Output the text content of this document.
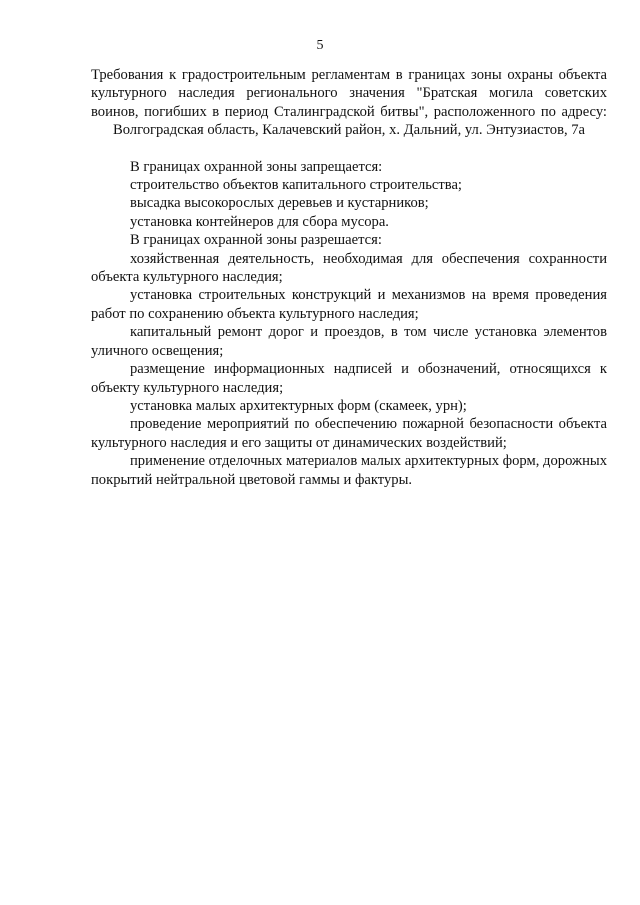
5
Требования к градостроительным регламентам в границах зоны охраны объекта культурного наследия регионального значения "Братская могила советских воинов, погибших в период Сталинградской битвы", расположенного по адресу: Волгоградская область, Калачевский район, х. Дальний, ул. Энтузиастов, 7а

В границах охранной зоны запрещается:

строительство объектов капитального строительства;

высадка высокорослых деревьев и кустарников;

установка контейнеров для сбора мусора.

В границах охранной зоны разрешается:

хозяйственная деятельность, необходимая для обеспечения сохранности объекта культурного наследия;

установка строительных конструкций и механизмов на время проведения работ по сохранению объекта культурного наследия;

капитальный ремонт дорог и проездов, в том числе установка элементов уличного освещения;

размещение информационных надписей и обозначений, относящихся к объекту культурного наследия;

установка малых архитектурных форм (скамеек, урн);

проведение мероприятий по обеспечению пожарной безопасности объекта культурного наследия и его защиты от динамических воздействий;

применение отделочных материалов малых архитектурных форм, дорожных покрытий нейтральной цветовой гаммы и фактуры.
